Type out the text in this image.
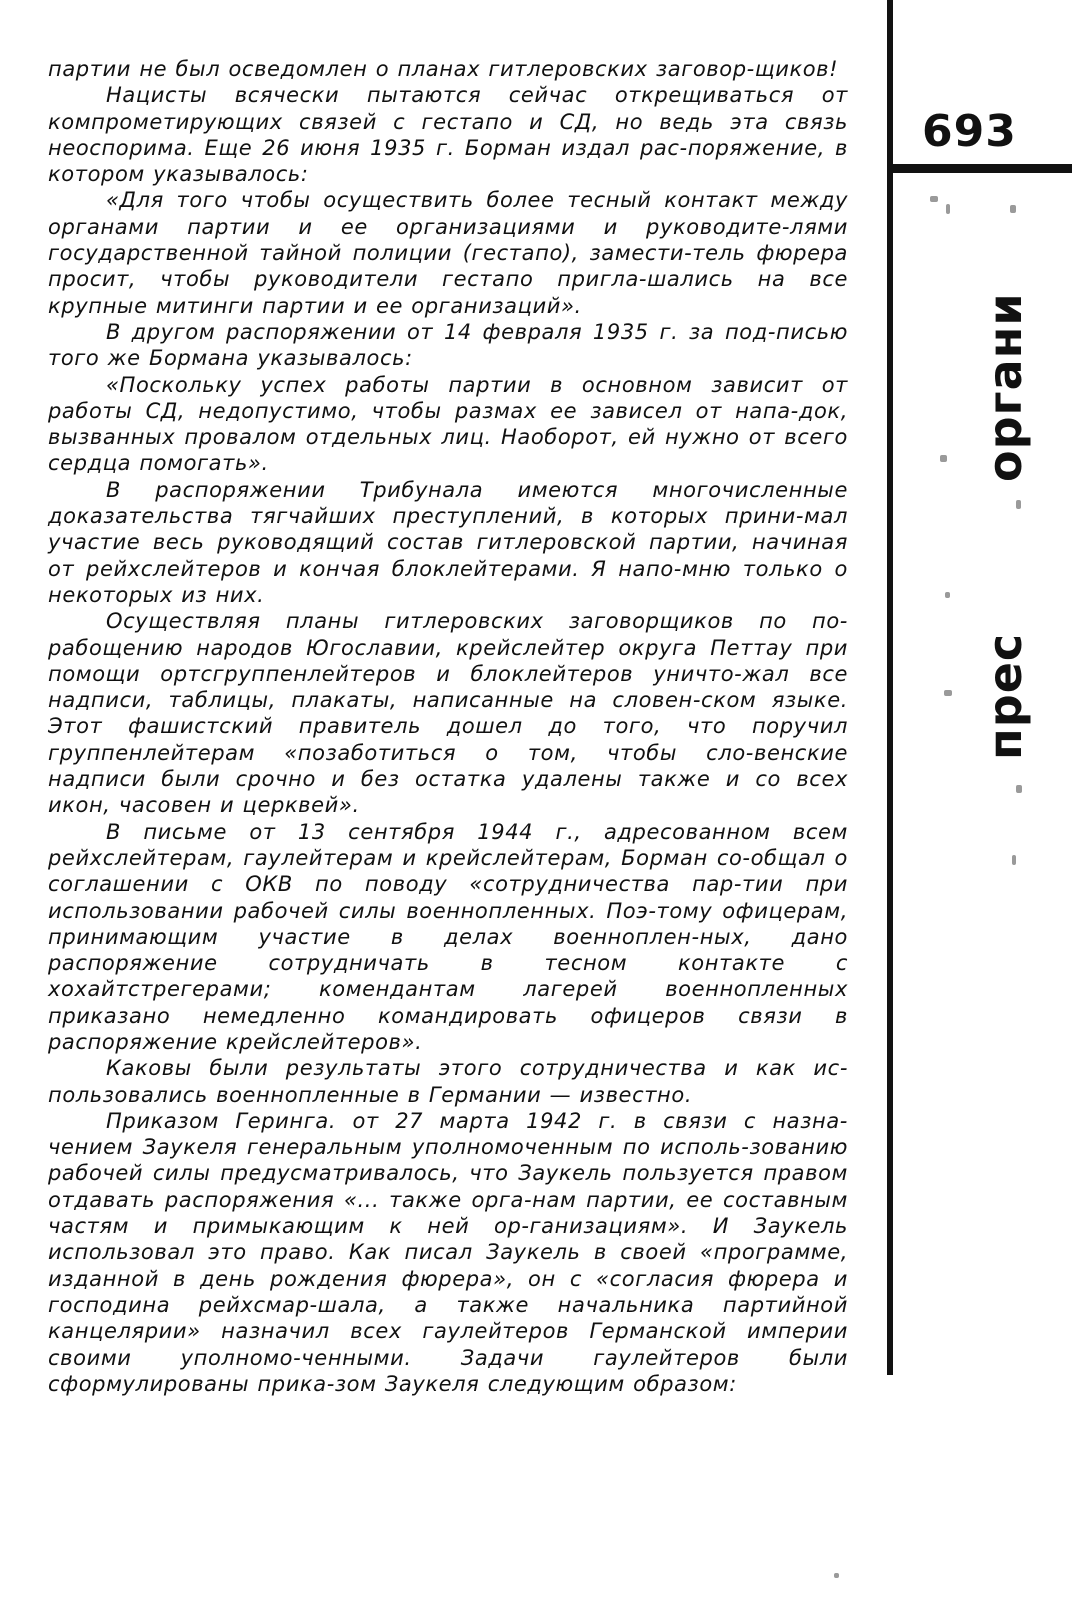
партии не был осведомлен о планах гитлеровских заговор-щиков!

Нацисты всячески пытаются сейчас открещиваться от компрометирующих связей с гестапо и СД, но ведь эта связь неоспорима. Еще 26 июня 1935 г. Борман издал рас-поряжение, в котором указывалось:

«Для того чтобы осуществить более тесный контакт между органами партии и ее организациями и руководите-лями государственной тайной полиции (гестапо), замести-тель фюрера просит, чтобы руководители гестапо пригла-шались на все крупные митинги партии и ее организаций».

В другом распоряжении от 14 февраля 1935 г. за под-писью того же Бормана указывалось:

«Поскольку успех работы партии в основном зависит от работы СД, недопустимо, чтобы размах ее зависел от напа-док, вызванных провалом отдельных лиц. Наоборот, ей нужно от всего сердца помогать».

В распоряжении Трибунала имеются многочисленные доказательства тягчайших преступлений, в которых прини-мал участие весь руководящий состав гитлеровской партии, начиная от рейхслейтеров и кончая блоклейтерами. Я напо-мню только о некоторых из них.

Осуществляя планы гитлеровских заговорщиков по по-рабощению народов Югославии, крейслейтер округа Петтау при помощи ортсгруппенлейтеров и блоклейтеров уничто-жал все надписи, таблицы, плакаты, написанные на словен-ском языке. Этот фашистский правитель дошел до того, что поручил группенлейтерам «позаботиться о том, чтобы сло-венские надписи были срочно и без остатка удалены также и со всех икон, часовен и церквей».

В письме от 13 сентября 1944 г., адресованном всем рейхслейтерам, гаулейтерам и крейслейтерам, Борман со-общал о соглашении с ОКВ по поводу «сотрудничества пар-тии при использовании рабочей силы военнопленных. Поэ-тому офицерам, принимающим участие в делах военноплен-ных, дано распоряжение сотрудничать в тесном контакте с хохайтстрегерами; комендантам лагерей военнопленных приказано немедленно командировать офицеров связи в распоряжение крейслейтеров».

Каковы были результаты этого сотрудничества и как ис-пользовались военнопленные в Германии — известно.

Приказом Геринга. от 27 марта 1942 г. в связи с назна-чением Заукеля генеральным уполномоченным по исполь-зованию рабочей силы предусматривалось, что Заукель пользуется правом отдавать распоряжения «... также орга-нам партии, ее составным частям и примыкающим к ней ор-ганизациям». И Заукель использовал это право. Как писал Заукель в своей «программе, изданной в день рождения фюрера», он с «согласия фюрера и господина рейхсмар-шала, а также начальника партийной канцелярии» назначил всех гаулейтеров Германской империи своими уполномо-ченными. Задачи гаулейтеров были сформулированы прика-зом Заукеля следующим образом:

693
органи
прес
